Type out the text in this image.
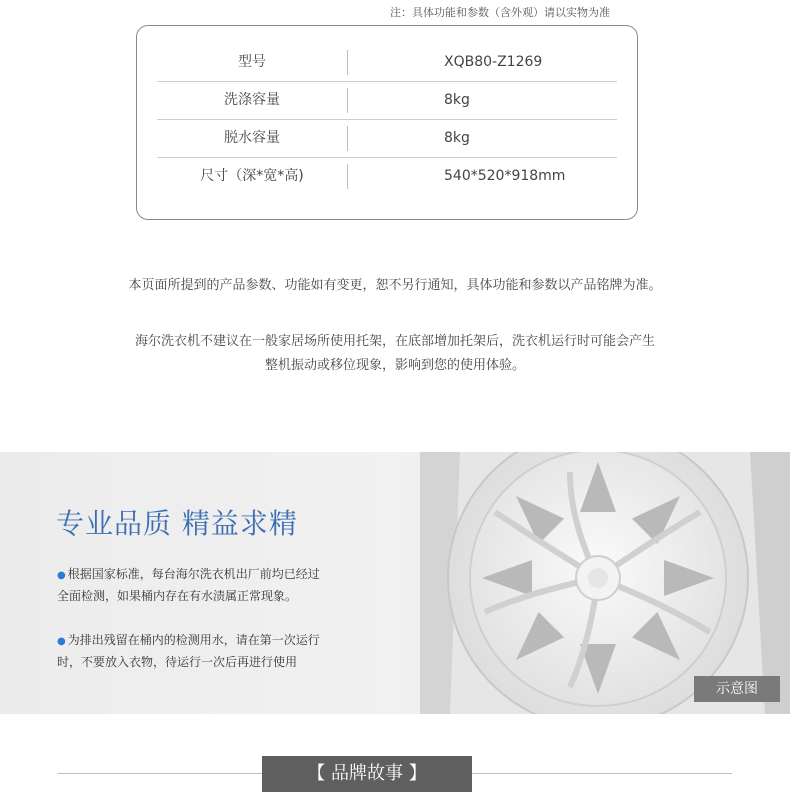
注：具体功能和参数（含外观）请以实物为准
型号	XQB80-Z1269
洗涤容量	8kg
脱水容量	8kg
尺寸（深*宽*高)	540*520*918mm
本页面所提到的产品参数、功能如有变更，恕不另行通知，具体功能和参数以产品铭牌为准。
海尔洗衣机不建议在一般家居场所使用托架，在底部增加托架后，洗衣机运行时可能会产生
整机振动或移位现象，影响到您的使用体验。
专业品质 精益求精
● 根据国家标准，每台海尔洗衣机出厂前均已经过
全面检测，如果桶内存在有水渍属正常现象。
● 为排出残留在桶内的检测用水，请在第一次运行
时，不要放入衣物，待运行一次后再进行使用
示意图
【 品牌故事 】
